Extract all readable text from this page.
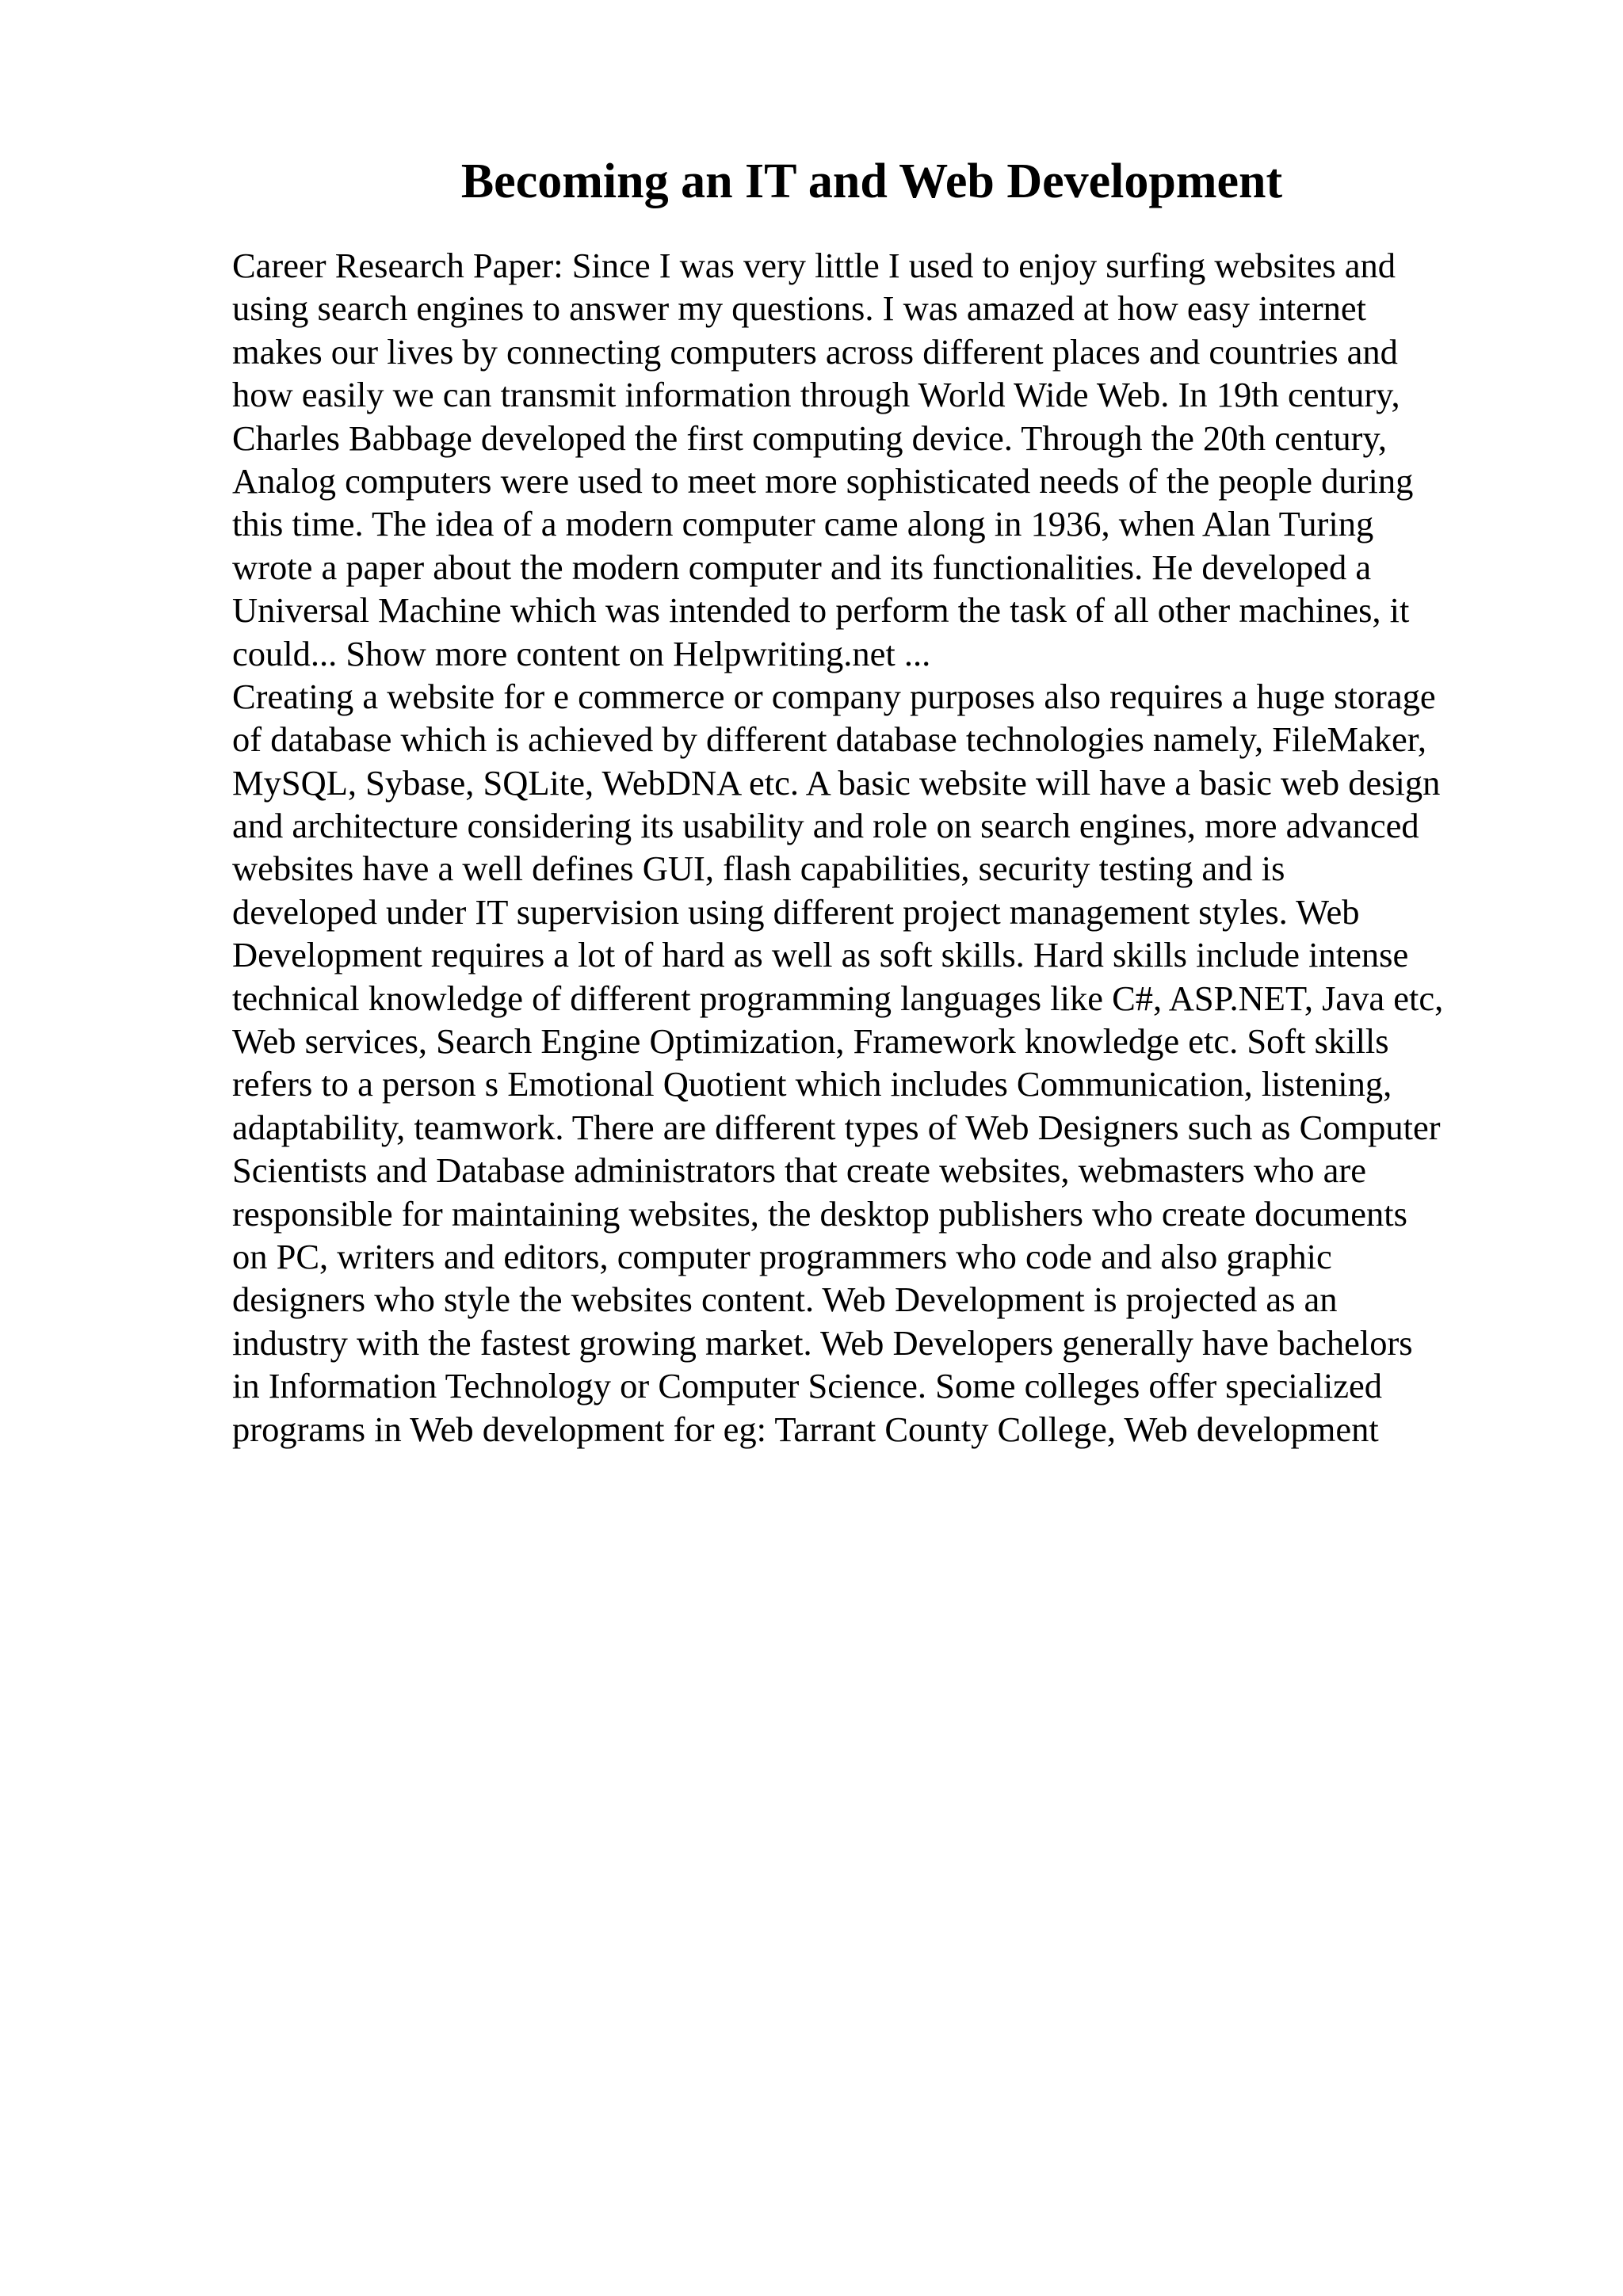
Becoming an IT and Web Development
Career Research Paper: Since I was very little I used to enjoy surfing websites and
using search engines to answer my questions. I was amazed at how easy internet
makes our lives by connecting computers across different places and countries and
how easily we can transmit information through World Wide Web. In 19th century,
Charles Babbage developed the first computing device. Through the 20th century,
Analog computers were used to meet more sophisticated needs of the people during
this time. The idea of a modern computer came along in 1936, when Alan Turing
wrote a paper about the modern computer and its functionalities. He developed a
Universal Machine which was intended to perform the task of all other machines, it
could... Show more content on Helpwriting.net ...
Creating a website for e commerce or company purposes also requires a huge storage
of database which is achieved by different database technologies namely, FileMaker,
MySQL, Sybase, SQLite, WebDNA etc. A basic website will have a basic web design
and architecture considering its usability and role on search engines, more advanced
websites have a well defines GUI, flash capabilities, security testing and is
developed under IT supervision using different project management styles. Web
Development requires a lot of hard as well as soft skills. Hard skills include intense
technical knowledge of different programming languages like C#, ASP.NET, Java etc,
Web services, Search Engine Optimization, Framework knowledge etc. Soft skills
refers to a person s Emotional Quotient which includes Communication, listening,
adaptability, teamwork. There are different types of Web Designers such as Computer
Scientists and Database administrators that create websites, webmasters who are
responsible for maintaining websites, the desktop publishers who create documents
on PC, writers and editors, computer programmers who code and also graphic
designers who style the websites content. Web Development is projected as an
industry with the fastest growing market. Web Developers generally have bachelors
in Information Technology or Computer Science. Some colleges offer specialized
programs in Web development for eg: Tarrant County College, Web development
